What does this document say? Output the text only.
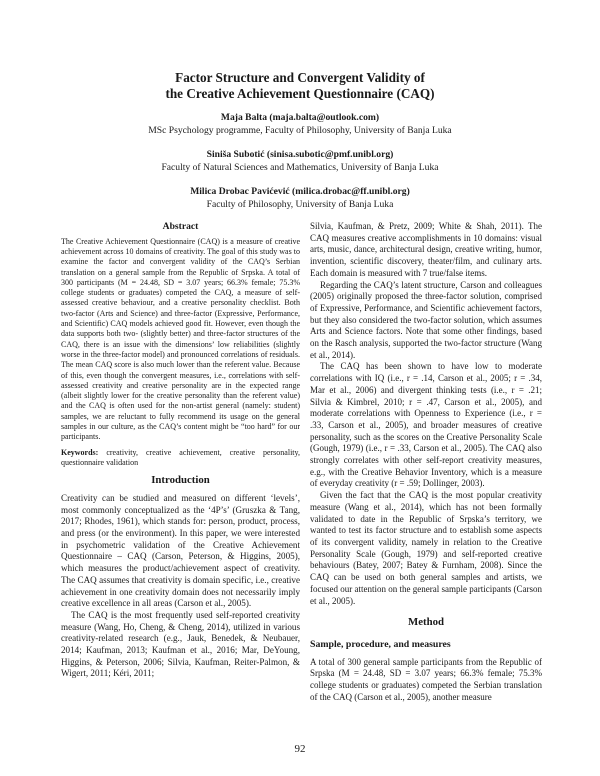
Factor Structure and Convergent Validity of
the Creative Achievement Questionnaire (CAQ)

Maja Balta (maja.balta@outlook.com)
MSc Psychology programme, Faculty of Philosophy, University of Banja Luka
Siniša Subotić (sinisa.subotic@pmf.unibl.org)
Faculty of Natural Sciences and Mathematics, University of Banja Luka
Milica Drobac Pavićević (milica.drobac@ff.unibl.org)
Faculty of Philosophy, University of Banja Luka
Abstract

The Creative Achievement Questionnaire (CAQ) is a measure of creative achievement across 10 domains of creativity. The goal of this study was to examine the factor and convergent validity of the CAQ’s Serbian translation on a general sample from the Republic of Srpska. A total of 300 participants (M = 24.48, SD = 3.07 years; 66.3% female; 75.3% college students or graduates) competed the CAQ, a measure of self-assessed creative behaviour, and a creative personality checklist. Both two-factor (Arts and Science) and three-factor (Expressive, Performance, and Scientific) CAQ models achieved good fit. However, even though the data supports both two- (slightly better) and three-factor structures of the CAQ, there is an issue with the dimensions’ low reliabilities (slightly worse in the three-factor model) and pronounced correlations of residuals. The mean CAQ score is also much lower than the referent value. Because of this, even though the convergent measures, i.e., correlations with self-assessed creativity and creative personality are in the expected range (albeit slightly lower for the creative personality than the referent value) and the CAQ is often used for the non-artist general (namely: student) samples, we are reluctant to fully recommend its usage on the general samples in our culture, as the CAQ’s content might be “too hard” for our participants.

Keywords: creativity, creative achievement, creative personality, questionnaire validation

Introduction

Creativity can be studied and measured on different ‘levels’, most commonly conceptualized as the ‘4P’s’ (Gruszka & Tang, 2017; Rhodes, 1961), which stands for: person, product, process, and press (or the environment). In this paper, we were interested in psychometric validation of the Creative Achievement Questionnaire – CAQ (Carson, Peterson, & Higgins, 2005), which measures the product/achievement aspect of creativity. The CAQ assumes that creativity is domain specific, i.e., creative achievement in one creativity domain does not necessarily imply creative excellence in all areas (Carson et al., 2005).

The CAQ is the most frequently used self-reported creativity measure (Wang, Ho, Cheng, & Cheng, 2014), utilized in various creativity-related research (e.g., Jauk, Benedek, & Neubauer, 2014; Kaufman, 2013; Kaufman et al., 2016; Mar, DeYoung, Higgins, & Peterson, 2006; Silvia, Kaufman, Reiter-Palmon, & Wigert, 2011; Kéri, 2011;

Silvia, Kaufman, & Pretz, 2009; White & Shah, 2011). The CAQ measures creative accomplishments in 10 domains: visual arts, music, dance, architectural design, creative writing, humor, invention, scientific discovery, theater/film, and culinary arts. Each domain is measured with 7 true/false items.

Regarding the CAQ’s latent structure, Carson and colleagues (2005) originally proposed the three-factor solution, comprised of Expressive, Performance, and Scientific achievement factors, but they also considered the two-factor solution, which assumes Arts and Science factors. Note that some other findings, based on the Rasch analysis, supported the two-factor structure (Wang et al., 2014).

The CAQ has been shown to have low to moderate correlations with IQ (i.e., r = .14, Carson et al., 2005; r = .34, Mar et al., 2006) and divergent thinking tests (i.e., r = .21; Silvia & Kimbrel, 2010; r = .47, Carson et al., 2005), and moderate correlations with Openness to Experience (i.e., r = .33, Carson et al., 2005), and broader measures of creative personality, such as the scores on the Creative Personality Scale (Gough, 1979) (i.e., r = .33, Carson et al., 2005). The CAQ also strongly correlates with other self-report creativity measures, e.g., with the Creative Behavior Inventory, which is a measure of everyday creativity (r = .59; Dollinger, 2003).

Given the fact that the CAQ is the most popular creativity measure (Wang et al., 2014), which has not been formally validated to date in the Republic of Srpska’s territory, we wanted to test its factor structure and to establish some aspects of its convergent validity, namely in relation to the Creative Personality Scale (Gough, 1979) and self-reported creative behaviours (Batey, 2007; Batey & Furnham, 2008). Since the CAQ can be used on both general samples and artists, we focused our attention on the general sample participants (Carson et al., 2005).

Method
Sample, procedure, and measures

A total of 300 general sample participants from the Republic of Srpska (M = 24.48, SD = 3.07 years; 66.3% female; 75.3% college students or graduates) competed the Serbian translation of the CAQ (Carson et al., 2005), another measure

92
